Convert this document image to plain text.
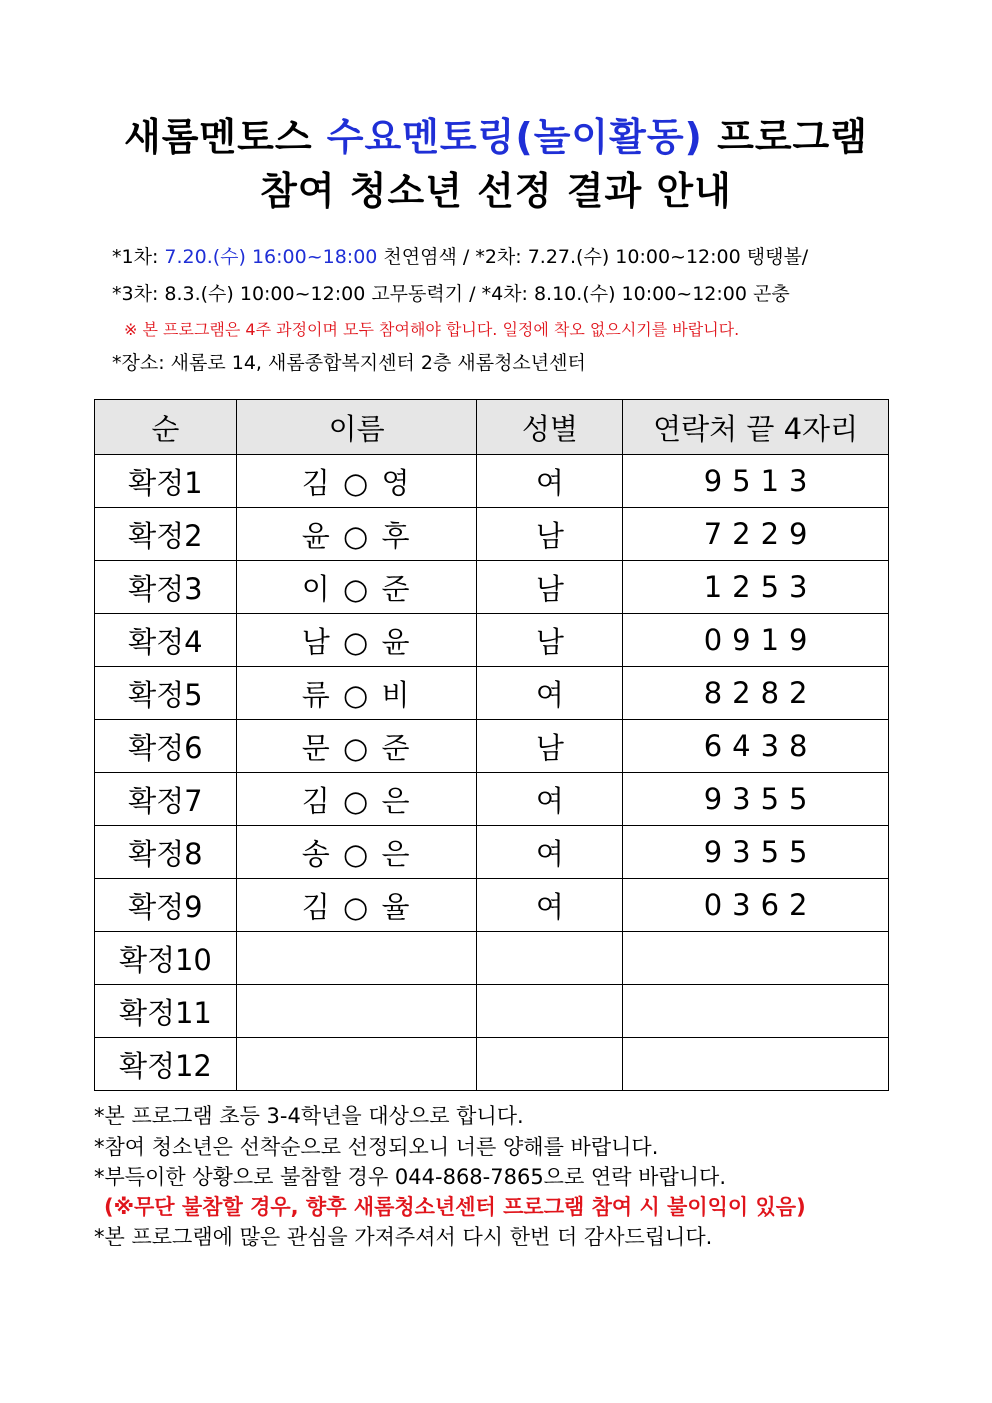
새롬멘토스 수요멘토링(놀이활동) 프로그램
참여 청소년 선정 결과 안내
*1차: 7.20.(수) 16:00~18:00 천연염색 / *2차: 7.27.(수) 10:00~12:00 탱탱볼/
*3차: 8.3.(수) 10:00~12:00 고무동력기 / *4차: 8.10.(수) 10:00~12:00 곤충
※ 본 프로그램은 4주 과정이며 모두 참여해야 합니다. 일정에 착오 없으시기를 바랍니다.
*장소: 새롬로 14, 새롬종합복지센터 2층 새롬청소년센터
순	이름	성별	연락처 끝 4자리
확정1	김 ○ 영	여	9513
확정2	윤 ○ 후	남	7229
확정3	이 ○ 준	남	1253
확정4	남 ○ 윤	남	0919
확정5	류 ○ 비	여	8282
확정6	문 ○ 준	남	6438
확정7	김 ○ 은	여	9355
확정8	송 ○ 은	여	9355
확정9	김 ○ 율	여	0362
확정10			
확정11			
확정12			
*본 프로그램 초등 3-4학년을 대상으로 합니다.
*참여 청소년은 선착순으로 선정되오니 너른 양해를 바랍니다.
*부득이한 상황으로 불참할 경우 044-868-7865으로 연락 바랍니다.
(※무단 불참할 경우, 향후 새롬청소년센터 프로그램 참여 시 불이익이 있음)
*본 프로그램에 많은 관심을 가져주셔서 다시 한번 더 감사드립니다.
